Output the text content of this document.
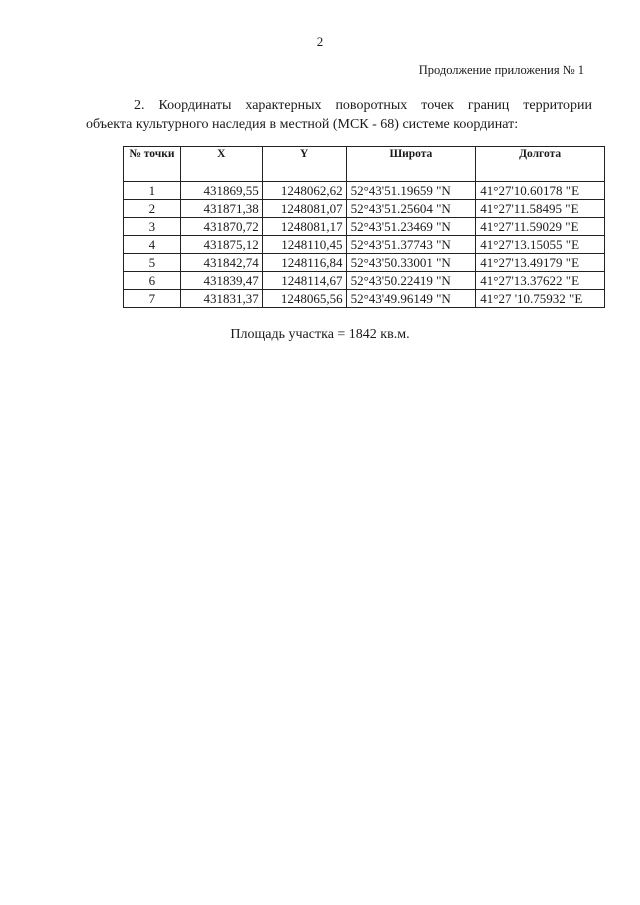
2
Продолжение приложения № 1

2. Координаты характерных поворотных точек границ территории

объекта культурного наследия в местной (МСК - 68) системе координат:

№ точки	X	Y	Широта	Долгота
1	431869,55	1248062,62	52°43'51.19659 "N	41°27'10.60178 "E
2	431871,38	1248081,07	52°43'51.25604 "N	41°27'11.58495 "E
3	431870,72	1248081,17	52°43'51.23469 "N	41°27'11.59029 "E
4	431875,12	1248110,45	52°43'51.37743 "N	41°27'13.15055 "E
5	431842,74	1248116,84	52°43'50.33001 "N	41°27'13.49179 "E
6	431839,47	1248114,67	52°43'50.22419 "N	41°27'13.37622 "E
7	431831,37	1248065,56	52°43'49.96149 "N	41°27 '10.75932 "E
Площадь участка = 1842 кв.м.
